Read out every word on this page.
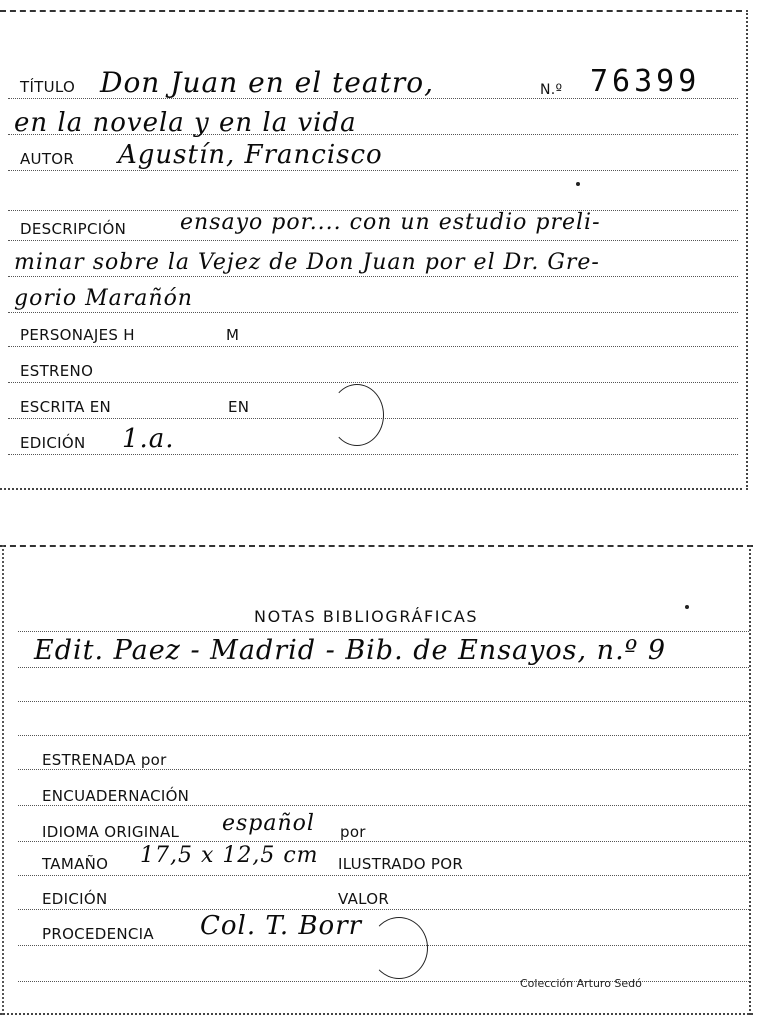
TÍTULO Don Juan en el teatro,	N.º 76399
en la novela y en la vida
AUTOR Agustín, Francisco
DESCRIPCIÓN ensayo por.... con un estudio preli-
minar sobre la Vejez de Don Juan por el Dr. Gre-
gorio Marañón
PERSONAJES H	M
ESTRENO
ESCRITA EN	EN
EDICIÓN 1.a.
NOTAS BIBLIOGRÁFICAS
Edit. Paez - Madrid - Bib. de Ensayos, n.º 9
ESTRENADA por
ENCUADERNACIÓN
IDIOMA ORIGINAL español por
TAMAÑO 17,5 x 12,5 cm ILUSTRADO POR
EDICIÓN	VALOR
PROCEDENCIA Col. T. Borr
Colección Arturo Sedó
